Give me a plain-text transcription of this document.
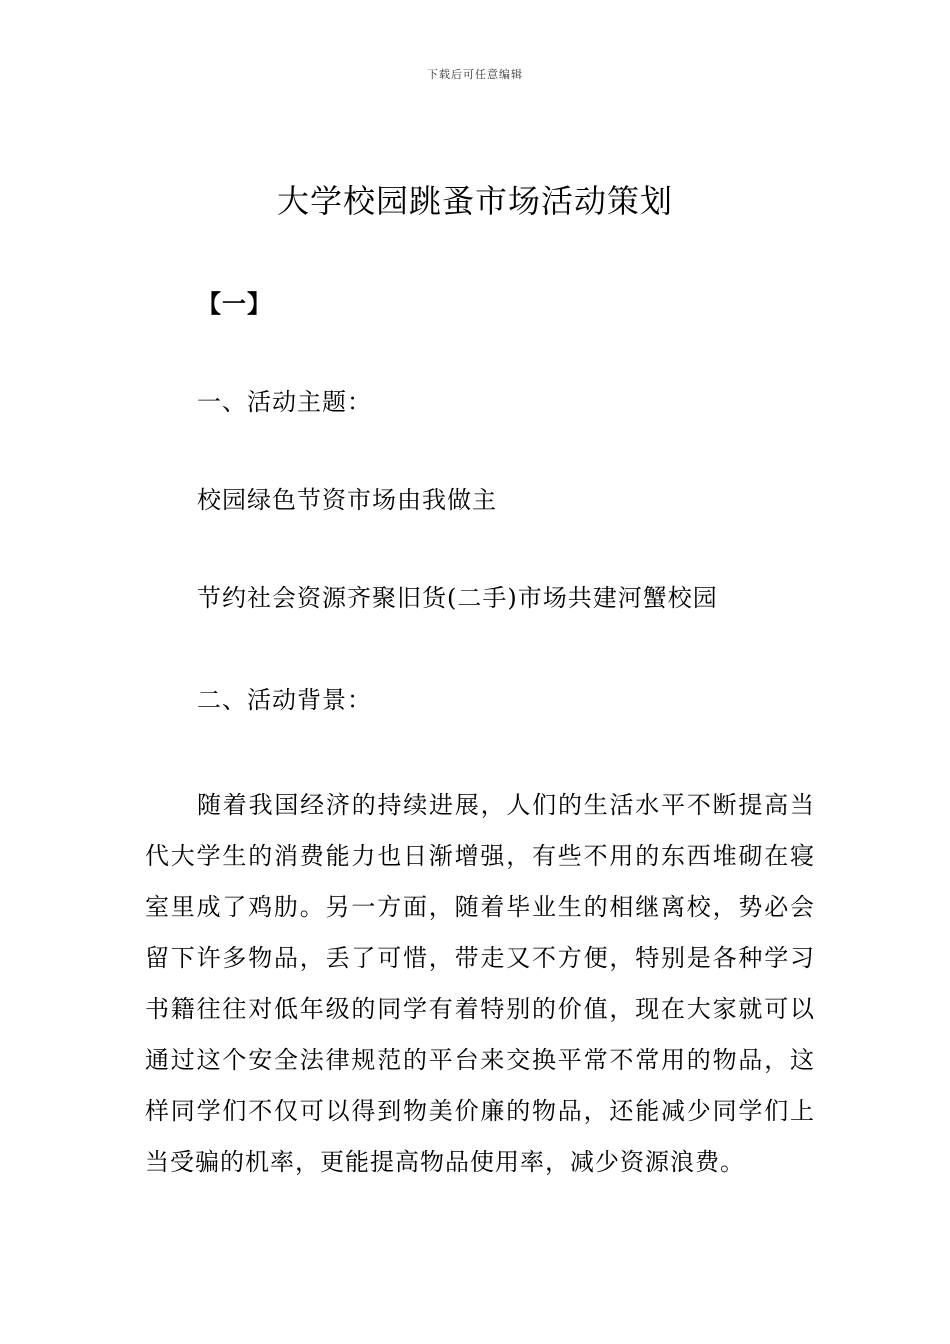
下载后可任意编辑
大学校园跳蚤市场活动策划
【一】
一、活动主题：
校园绿色节资市场由我做主
节约社会资源齐聚旧货(二手)市场共建河蟹校园
二、活动背景：

随着我国经济的持续进展，人们的生活水平不断提高当代大学生的消费能力也日渐增强，有些不用的东西堆砌在寝室里成了鸡肋。另一方面，随着毕业生的相继离校，势必会留下许多物品，丢了可惜，带走又不方便，特别是各种学习书籍往往对低年级的同学有着特别的价值，现在大家就可以通过这个安全法律规范的平台来交换平常不常用的物品，这样同学们不仅可以得到物美价廉的物品，还能减少同学们上当受骗的机率，更能提高物品使用率，减少资源浪费。
